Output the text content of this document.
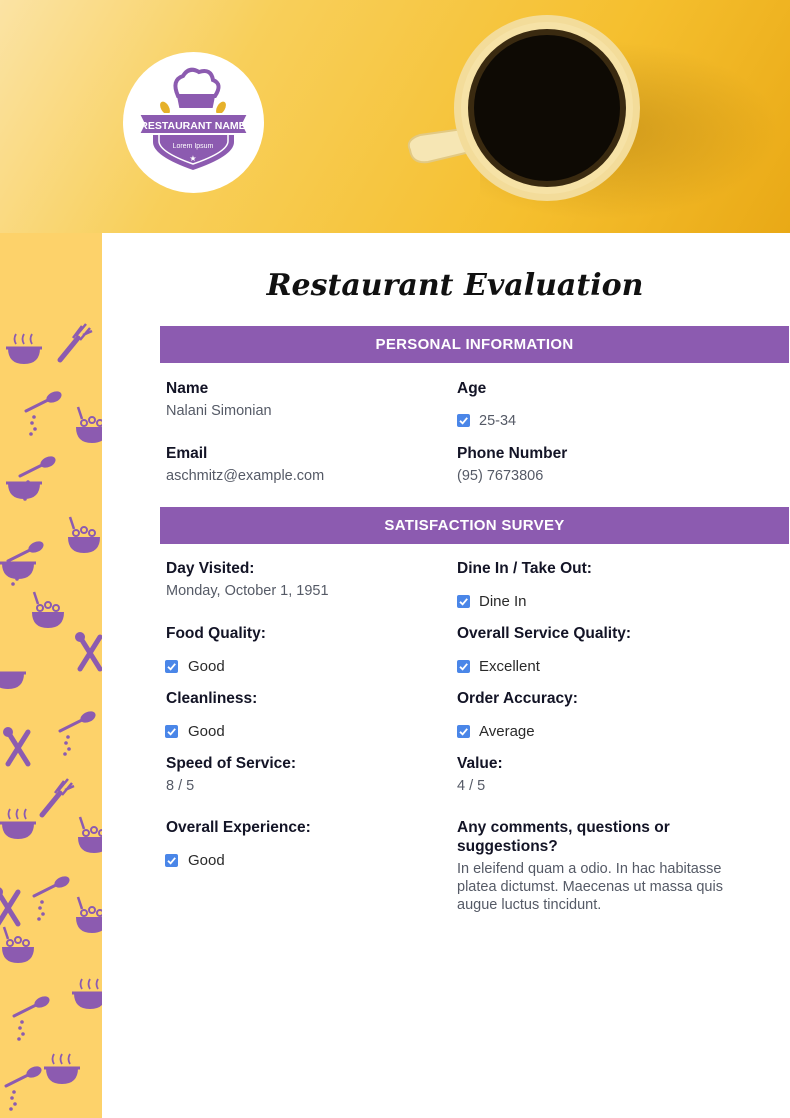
RESTAURANT NAME
Lorem Ipsum
★
Restaurant Evaluation
PERSONAL INFORMATION
Name
Nalani Simonian
Age
25-34
Email
aschmitz@example.com
Phone Number
(95) 7673806
SATISFACTION SURVEY
Day Visited:
Monday, October 1, 1951
Dine In / Take Out:
Dine In
Food Quality:
Good
Overall Service Quality:
Excellent
Cleanliness:
Good
Order Accuracy:
Average
Speed of Service:
8 / 5
Value:
4 / 5
Overall Experience:
Good
Any comments, questions or
suggestions?
In eleifend quam a odio. In hac habitasse
platea dictumst. Maecenas ut massa quis
augue luctus tincidunt.
